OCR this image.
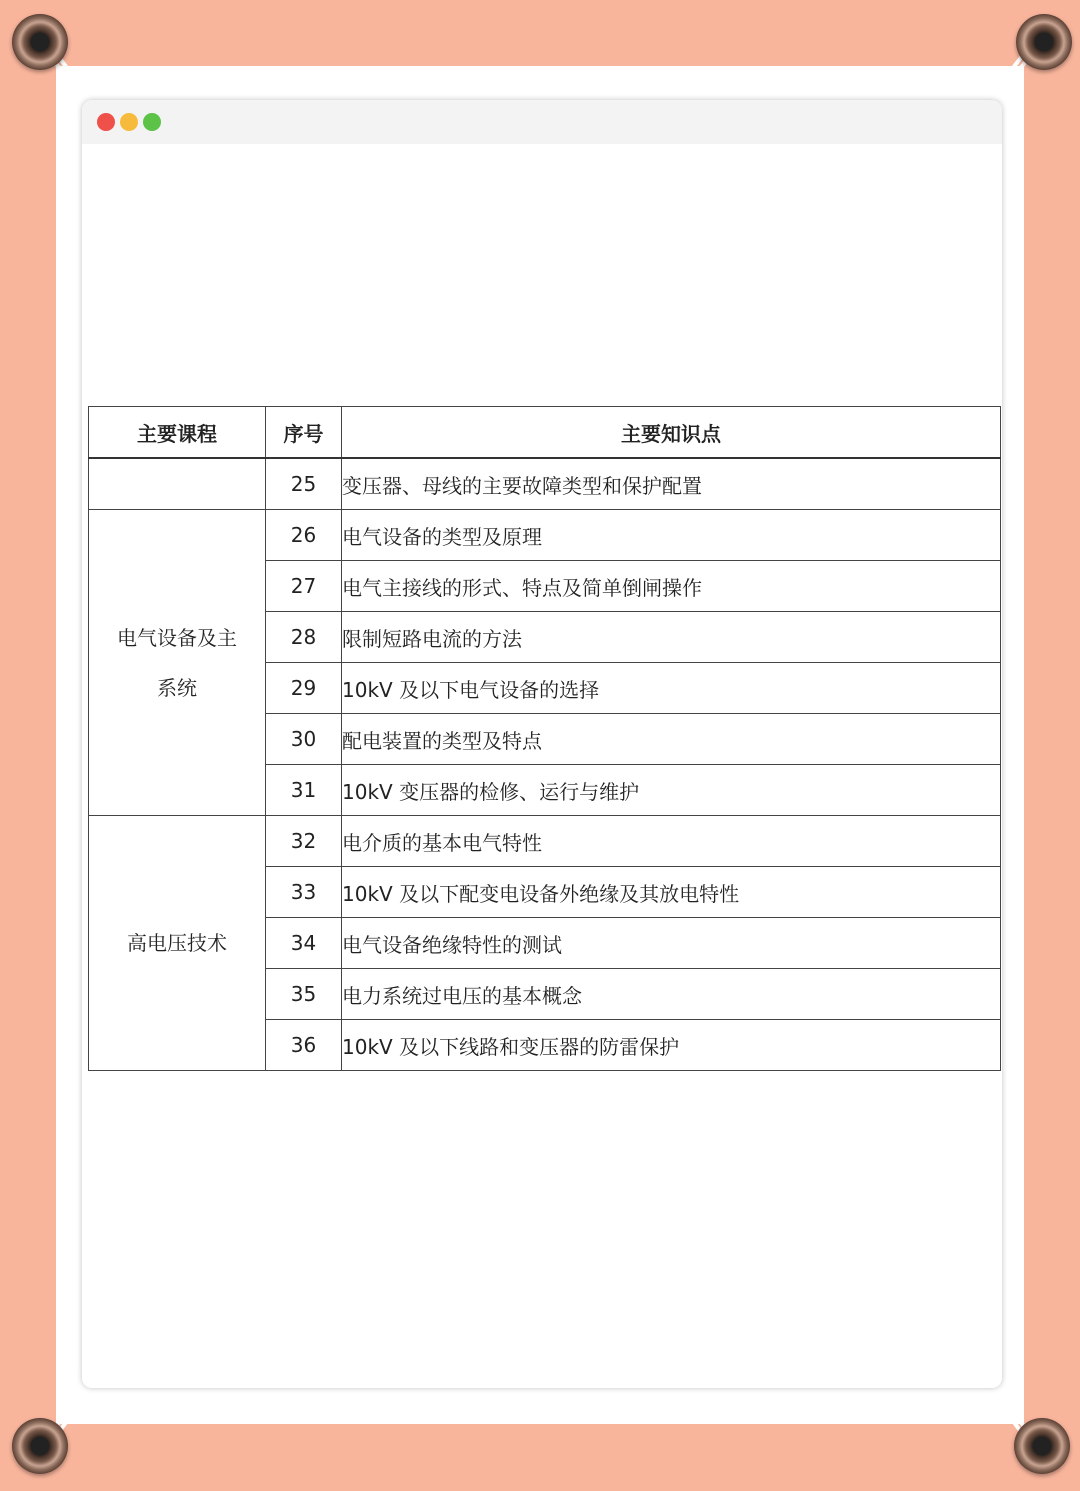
主要课程	序号	主要知识点
	25	变压器、母线的主要故障类型和保护配置

电气设备及主
系统	26	电气设备的类型及原理
	27	电气主接线的形式、特点及简单倒闸操作
	28	限制短路电流的方法
	29	10kV 及以下电气设备的选择
	30	配电装置的类型及特点
	31	10kV 变压器的检修、运行与维护
高电压技术	32	电介质的基本电气特性
	33	10kV 及以下配变电设备外绝缘及其放电特性
	34	电气设备绝缘特性的测试
	35	电力系统过电压的基本概念
	36	10kV 及以下线路和变压器的防雷保护
